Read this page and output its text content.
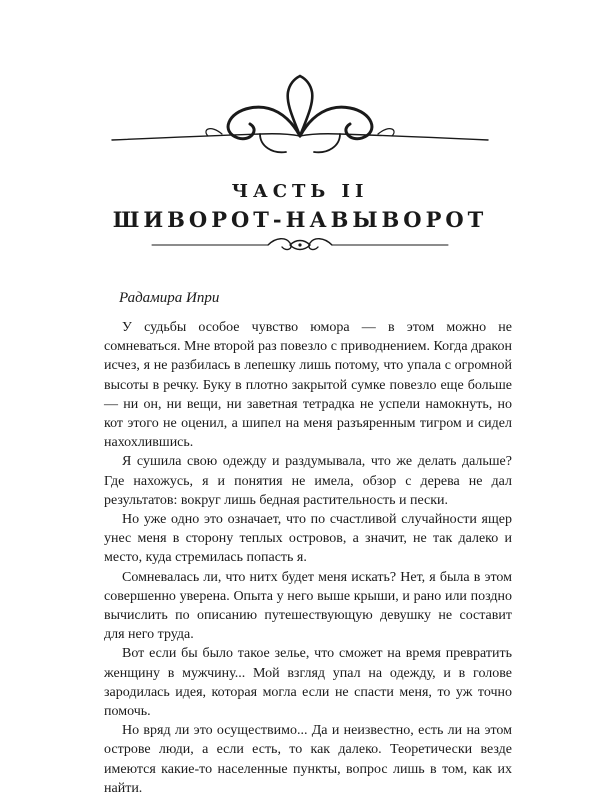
ЧАСТЬ II
ШИВОРОТ-НАВЫВОРОТ
Радамира Ипри

У судьбы особое чувство юмора — в этом можно не сомневаться. Мне второй раз повезло с приводнением. Когда дракон исчез, я не разбилась в лепешку лишь потому, что упала с огромной высоты в речку. Буку в плотно закрытой сумке повезло еще больше — ни он, ни вещи, ни заветная тетрадка не успели намокнуть, но кот этого не оценил, а шипел на меня разъяренным тигром и сидел нахохлившись.

Я сушила свою одежду и раздумывала, что же делать дальше? Где нахожусь, я и понятия не имела, обзор с дерева не дал результатов: вокруг лишь бедная растительность и пески.

Но уже одно это означает, что по счастливой случайности ящер унес меня в сторону теплых островов, а значит, не так далеко и место, куда стремилась попасть я.

Сомневалась ли, что нитх будет меня искать? Нет, я была в этом совершенно уверена. Опыта у него выше крыши, и рано или поздно вычислить по описанию путешествующую девушку не составит для него труда.

Вот если бы было такое зелье, что сможет на время превратить женщину в мужчину... Мой взгляд упал на одежду, и в голове зародилась идея, которая могла если не спасти меня, то уж точно помочь.

Но вряд ли это осуществимо... Да и неизвестно, есть ли на этом острове люди, а если есть, то как далеко. Теоретически везде имеются какие-то населенные пункты, вопрос лишь в том, как их найти.
